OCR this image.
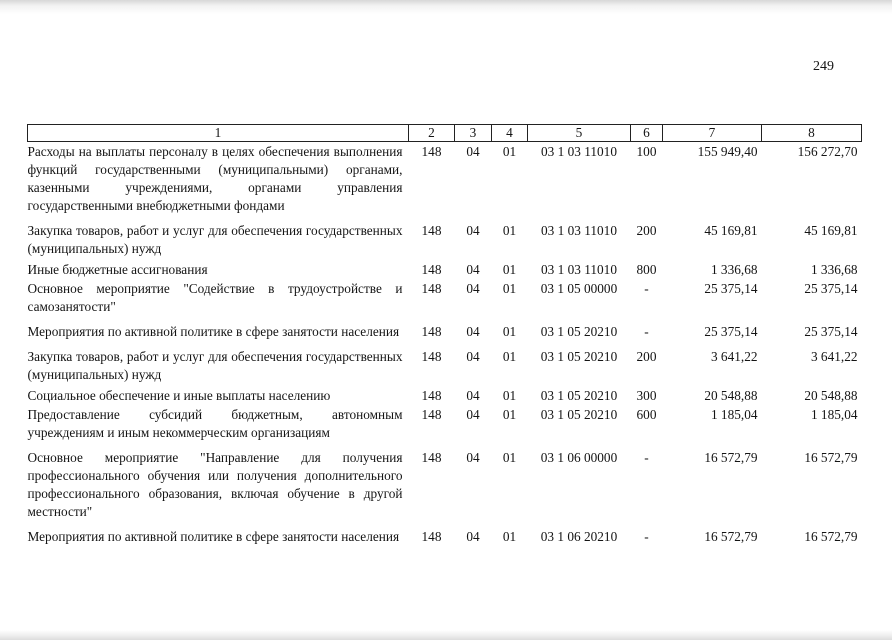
249
1	2	3	4	5	6	7	8
Расходы на выплаты персоналу в целях обеспечения выполнения функций государственными (муниципальными) органами, казенными учреждениями, органами управления государственными внебюджетными фондами	148	04	01	03 1 03 11010	100	155 949,40	156 272,70
Закупка товаров, работ и услуг для обеспечения государственных (муниципальных) нужд	148	04	01	03 1 03 11010	200	45 169,81	45 169,81
Иные бюджетные ассигнования	148	04	01	03 1 03 11010	800	1 336,68	1 336,68
Основное мероприятие "Содействие в трудоустройстве и самозанятости"	148	04	01	03 1 05 00000	-	25 375,14	25 375,14
Мероприятия по активной политике в сфере занятости населения	148	04	01	03 1 05 20210	-	25 375,14	25 375,14
Закупка товаров, работ и услуг для обеспечения государственных (муниципальных) нужд	148	04	01	03 1 05 20210	200	3 641,22	3 641,22
Социальное обеспечение и иные выплаты населению	148	04	01	03 1 05 20210	300	20 548,88	20 548,88
Предоставление субсидий бюджетным, автономным учреждениям и иным некоммерческим организациям	148	04	01	03 1 05 20210	600	1 185,04	1 185,04
Основное мероприятие "Направление для получения профессионального обучения или получения дополнительного профессионального образования, включая обучение в другой местности"	148	04	01	03 1 06 00000	-	16 572,79	16 572,79
Мероприятия по активной политике в сфере занятости населения	148	04	01	03 1 06 20210	-	16 572,79	16 572,79
